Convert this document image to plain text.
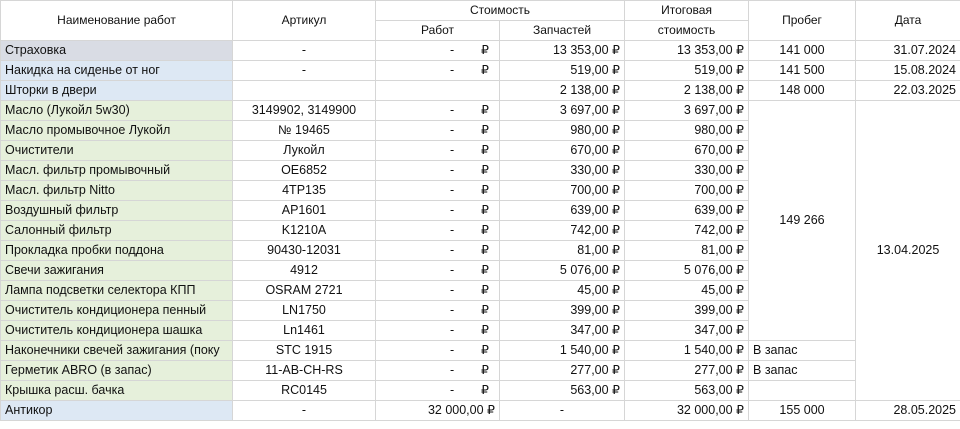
Наименование работ	Артикул	Стоимость		Итоговая	Пробег	Дата
		Работ	Запчастей	стоимость		
Страховка	-	- ₽	13 353,00 ₽	13 353,00 ₽	141 000	31.07.2024
Накидка на сиденье от ног	-	- ₽	519,00 ₽	519,00 ₽	141 500	15.08.2024
Шторки в двери			2 138,00 ₽	2 138,00 ₽	148 000	22.03.2025
Масло (Лукойл 5w30)	3149902, 3149900	- ₽	3 697,00 ₽	3 697,00 ₽	149 266	13.04.2025
Масло промывочное Лукойл	№ 19465	- ₽	980,00 ₽	980,00 ₽		
Очистители	Лукойл	- ₽	670,00 ₽	670,00 ₽		
Масл. фильтр промывочный	OE6852	- ₽	330,00 ₽	330,00 ₽		
Масл. фильтр Nitto	4TP135	- ₽	700,00 ₽	700,00 ₽		
Воздушный фильтр	AP1601	- ₽	639,00 ₽	639,00 ₽		
Салонный фильтр	K1210A	- ₽	742,00 ₽	742,00 ₽		
Прокладка пробки поддона	90430-12031	- ₽	81,00 ₽	81,00 ₽		
Свечи зажигания	4912	- ₽	5 076,00 ₽	5 076,00 ₽		
Лампа подсветки селектора КПП	OSRAM 2721	- ₽	45,00 ₽	45,00 ₽		
Очиститель кондиционера пенный	LN1750	- ₽	399,00 ₽	399,00 ₽		
Очиститель кондиционера шашка	Ln1461	- ₽	347,00 ₽	347,00 ₽		
Наконечники свечей зажигания (поку	STC 1915	- ₽	1 540,00 ₽	1 540,00 ₽	В запас	
Герметик ABRO (в запас)	11-AB-CH-RS	- ₽	277,00 ₽	277,00 ₽	В запас	
Крышка расш. бачка	RC0145	- ₽	563,00 ₽	563,00 ₽		
Антикор	-	32 000,00 ₽	-	32 000,00 ₽	155 000	28.05.2025
